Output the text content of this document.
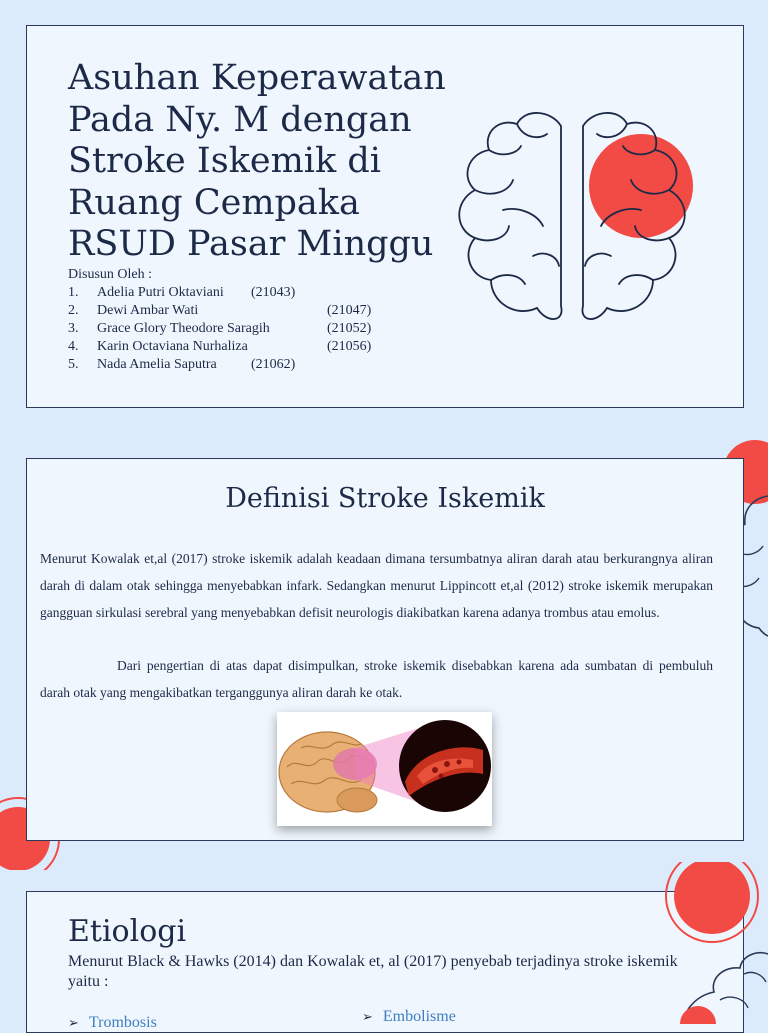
Asuhan Keperawatan Pada Ny. M dengan Stroke Iskemik di Ruang Cempaka RSUD Pasar Minggu
Disusun Oleh :
1. Adelia Putri Oktaviani (21043)
2. Dewi Ambar Wati	(21047)
3. Grace Glory Theodore Saragih	(21052)
4. Karin Octaviana Nurhaliza	(21056)
5. Nada Amelia Saputra (21062)
Definisi Stroke Iskemik

Menurut Kowalak et,al (2017) stroke iskemik adalah keadaan dimana tersumbatnya aliran darah atau berkurangnya aliran darah di dalam otak sehingga menyebabkan infark. Sedangkan menurut Lippincott et,al (2012) stroke iskemik merupakan gangguan sirkulasi serebral yang menyebabkan defisit neurologis diakibatkan karena adanya trombus atau emolus.

Dari pengertian di atas dapat disimpulkan, stroke iskemik disebabkan karena ada sumbatan di pembuluh darah otak yang mengakibatkan terganggunya aliran darah ke otak.

Etiologi
Menurut Black & Hawks (2014) dan Kowalak et, al (2017) penyebab terjadinya stroke iskemik yaitu :
➢ Trombosis	➢ Embolisme
